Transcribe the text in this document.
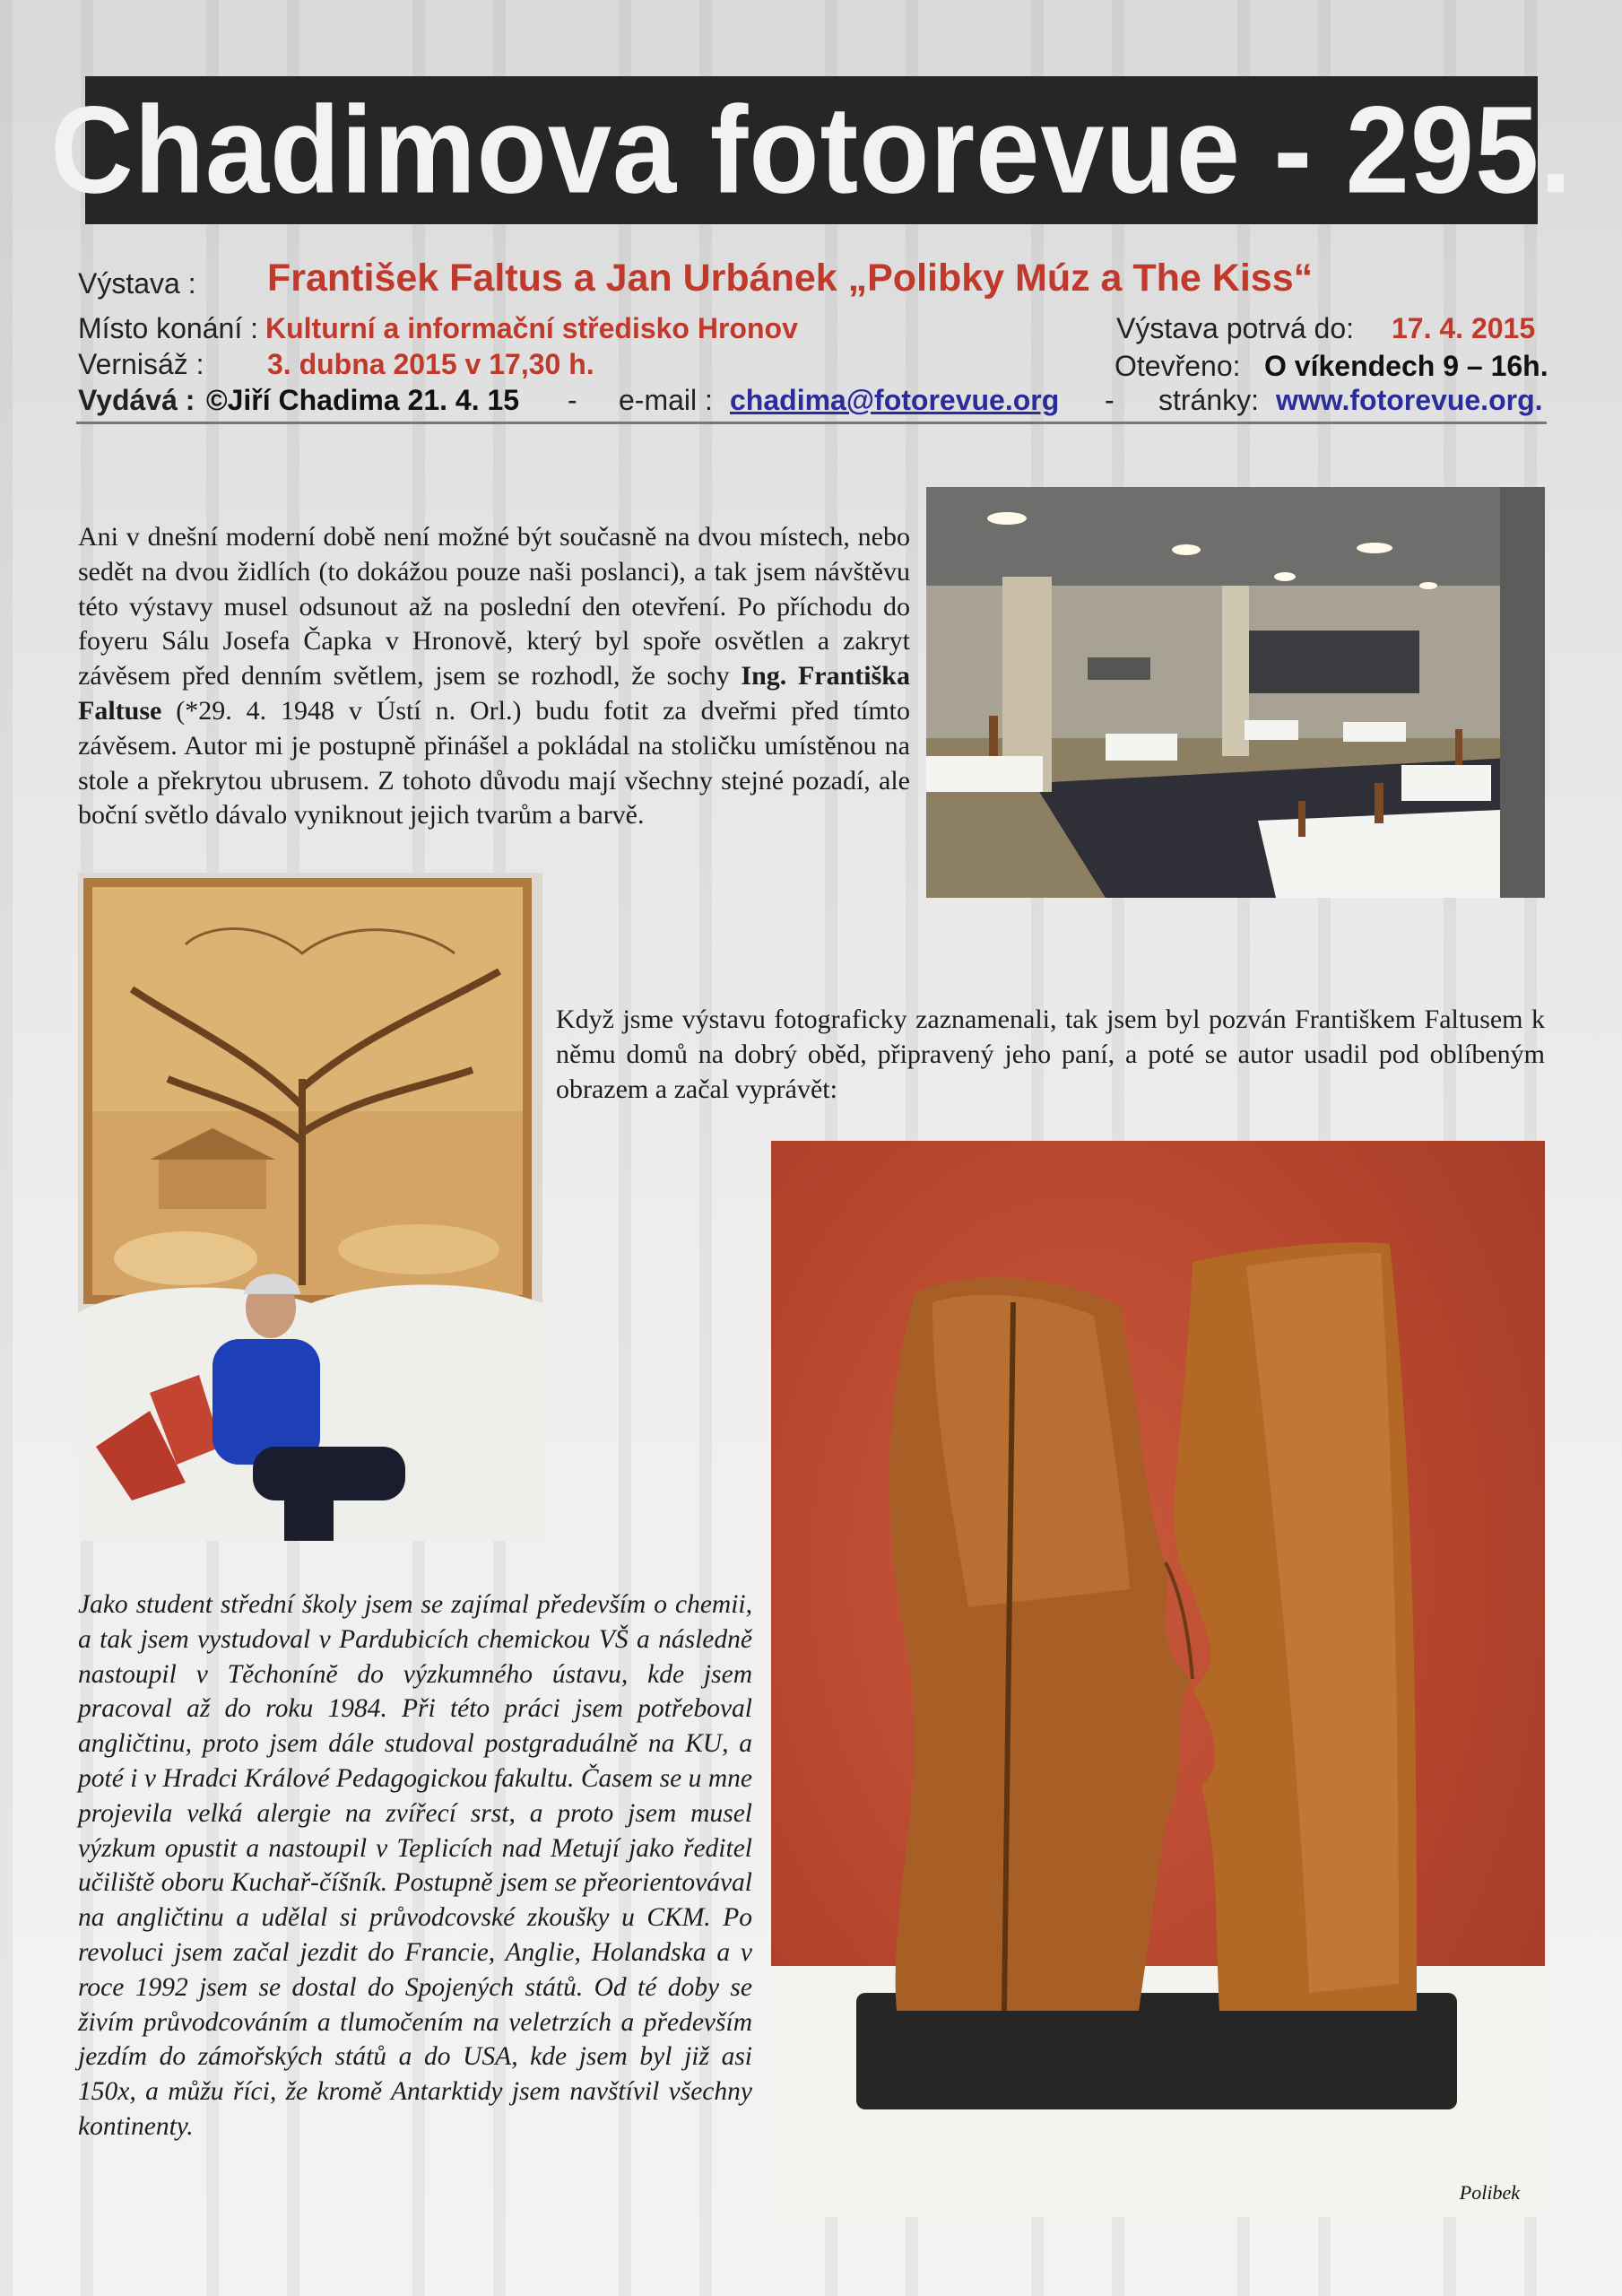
Chadimova fotorevue - 295.
Výstava : František Faltus a Jan Urbánek „Polibky Múz a The Kiss“
Místo konání : Kulturní a informační středisko Hronov	Výstava potrvá do: 17. 4. 2015
Vernisáž : 3. dubna 2015 v 17,30 h.	Otevřeno: O víkendech 9 – 16h.
Vydává : ©Jiří Chadima 21. 4. 15 - e-mail : chadima@fotorevue.org - stránky: www.fotorevue.org.
Ani v dnešní moderní době není možné být současně na dvou místech, nebo sedět na dvou židlích (to dokážou pouze naši poslanci), a tak jsem návštěvu této výstavy musel odsunout až na poslední den otevření. Po příchodu do foyeru Sálu Josefa Čapka v Hronově, který byl spoře osvětlen a zakryt závěsem před denním světlem, jsem se rozhodl, že sochy Ing. Františka Faltuse (*29. 4. 1948 v Ústí n. Orl.) budu fotit za dveřmi před tímto závěsem. Autor mi je postupně přinášel a pokládal na stoličku umístěnou na stole a překrytou ubrusem. Z tohoto důvodu mají všechny stejné pozadí, ale boční světlo dávalo vyniknout jejich tvarům a barvě.
Když jsme výstavu fotograficky zaznamenali, tak jsem byl pozván Františkem Faltusem k němu domů na dobrý oběd, připravený jeho paní, a poté se autor usadil pod oblíbeným obrazem a začal vyprávět:
Jako student střední školy jsem se zajímal především o chemii, a tak jsem vystudoval v Pardubicích chemickou VŠ a následně nastoupil v Těchonínĕ do výzkumného ústavu, kde jsem pracoval až do roku 1984. Při této práci jsem potřeboval angličtinu, proto jsem dále studoval postgraduálně na KU, a poté i v Hradci Králové Pedagogickou fakultu. Časem se u mne projevila velká alergie na zvířecí srst, a proto jsem musel výzkum opustit a nastoupil v Teplicích nad Metují jako ředitel učiliště oboru Kuchař-číšník. Postupně jsem se přeorientovával na angličtinu a udělal si průvodcovské zkoušky u CKM. Po revoluci jsem začal jezdit do Francie, Anglie, Holandska a v roce 1992 jsem se dostal do Spojených států. Od té doby se živím průvodcováním a tlumočením na veletrzích a především jezdím do zámořských států a do USA, kde jsem byl již asi 150x, a můžu říci, že kromě Antarktidy jsem navštívil všechny kontinenty.
Polibek
